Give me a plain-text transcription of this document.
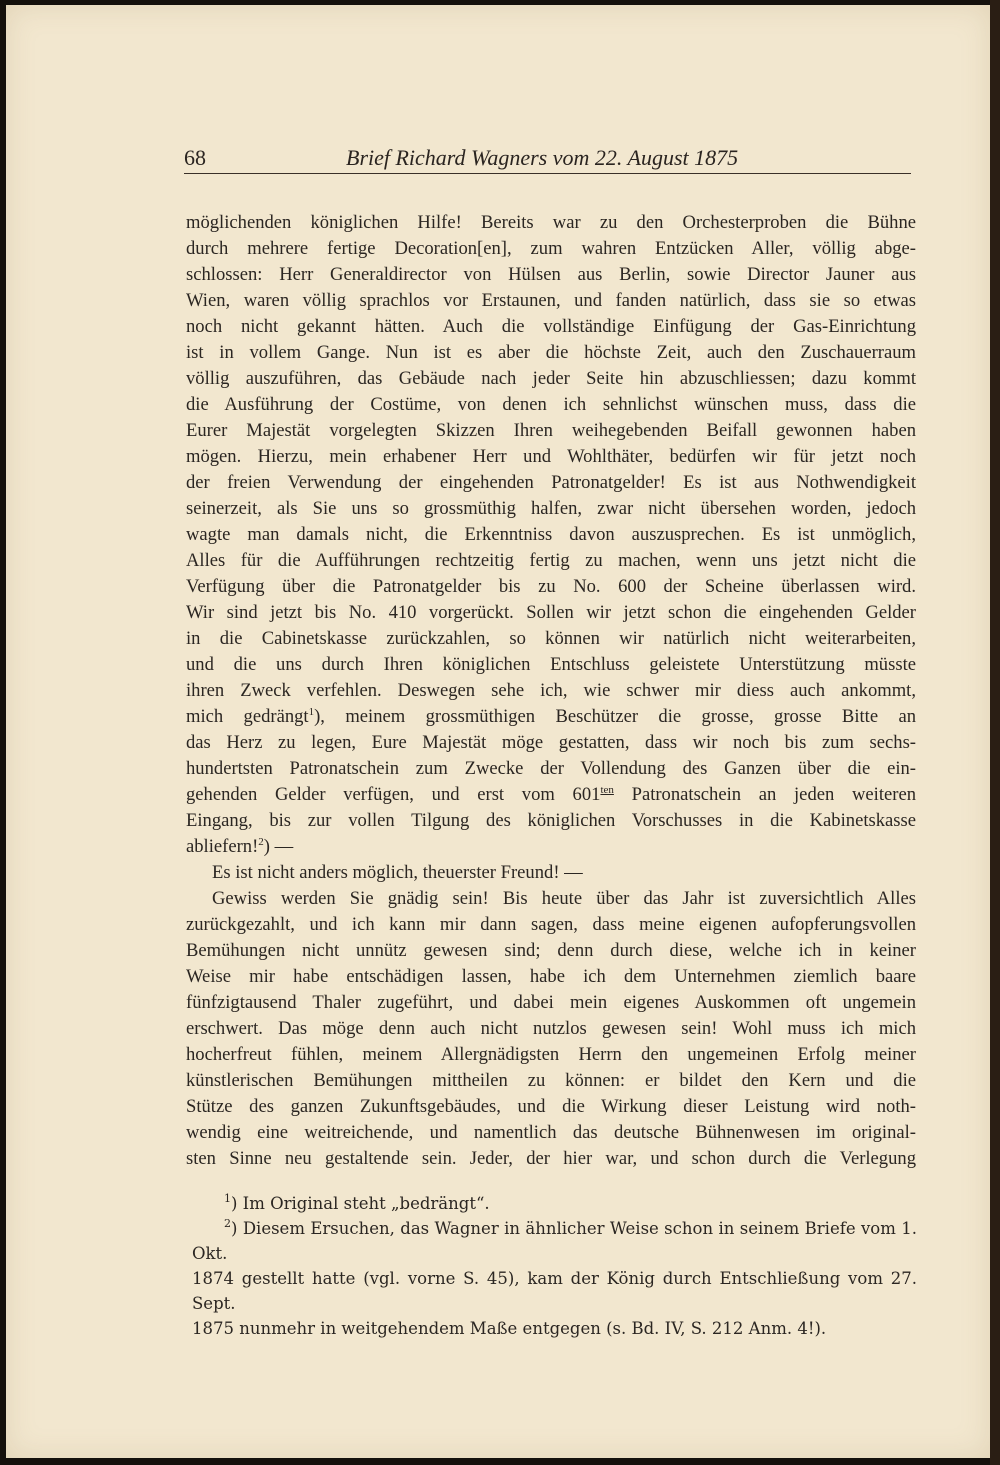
68	Brief Richard Wagners vom 22. August 1875

möglichenden königlichen Hilfe! Bereits war zu den Orchesterproben die Bühne

durch mehrere fertige Decoration[en], zum wahren Entzücken Aller, völlig abge-

schlossen: Herr Generaldirector von Hülsen aus Berlin, sowie Director Jauner aus

Wien, waren völlig sprachlos vor Erstaunen, und fanden natürlich, dass sie so etwas

noch nicht gekannt hätten. Auch die vollständige Einfügung der Gas-Einrichtung

ist in vollem Gange. Nun ist es aber die höchste Zeit, auch den Zuschauerraum

völlig auszuführen, das Gebäude nach jeder Seite hin abzuschliessen; dazu kommt

die Ausführung der Costüme, von denen ich sehnlichst wünschen muss, dass die

Eurer Majestät vorgelegten Skizzen Ihren weihegebenden Beifall gewonnen haben

mögen. Hierzu, mein erhabener Herr und Wohlthäter, bedürfen wir für jetzt noch

der freien Verwendung der eingehenden Patronatgelder! Es ist aus Nothwendigkeit

seinerzeit, als Sie uns so grossmüthig halfen, zwar nicht übersehen worden, jedoch

wagte man damals nicht, die Erkenntniss davon auszusprechen. Es ist unmöglich,

Alles für die Aufführungen rechtzeitig fertig zu machen, wenn uns jetzt nicht die

Verfügung über die Patronatgelder bis zu No. 600 der Scheine überlassen wird.

Wir sind jetzt bis No. 410 vorgerückt. Sollen wir jetzt schon die eingehenden Gelder

in die Cabinetskasse zurückzahlen, so können wir natürlich nicht weiterarbeiten,

und die uns durch Ihren königlichen Entschluss geleistete Unterstützung müsste

ihren Zweck verfehlen. Deswegen sehe ich, wie schwer mir diess auch ankommt,

mich gedrängt$^1$), meinem grossmüthigen Beschützer die grosse, grosse Bitte an

das Herz zu legen, Eure Majestät möge gestatten, dass wir noch bis zum sechs-

hundertsten Patronatschein zum Zwecke der Vollendung des Ganzen über die ein-

gehenden Gelder verfügen, und erst vom $601^{ten}$ Patronatschein an jeden weiteren

Eingang, bis zur vollen Tilgung des königlichen Vorschusses in die Kabinetskasse

abliefern!$^2$) —

Es ist nicht anders möglich, theuerster Freund! —

Gewiss werden Sie gnädig sein! Bis heute über das Jahr ist zuversichtlich Alles

zurückgezahlt, und ich kann mir dann sagen, dass meine eigenen aufopferungsvollen

Bemühungen nicht unnütz gewesen sind; denn durch diese, welche ich in keiner

Weise mir habe entschädigen lassen, habe ich dem Unternehmen ziemlich baare

fünfzigtausend Thaler zugeführt, und dabei mein eigenes Auskommen oft ungemein

erschwert. Das möge denn auch nicht nutzlos gewesen sein! Wohl muss ich mich

hocherfreut fühlen, meinem Allergnädigsten Herrn den ungemeinen Erfolg meiner

künstlerischen Bemühungen mittheilen zu können: er bildet den Kern und die

Stütze des ganzen Zukunftsgebäudes, und die Wirkung dieser Leistung wird noth-

wendig eine weitreichende, und namentlich das deutsche Bühnenwesen im original-

sten Sinne neu gestaltende sein. Jeder, der hier war, und schon durch die Verlegung

$^1$) Im Original steht „bedrängt“.

$^2$) Diesem Ersuchen, das Wagner in ähnlicher Weise schon in seinem Briefe vom 1. Okt.

1874 gestellt hatte (vgl. vorne S. 45), kam der König durch Entschließung vom 27. Sept.

1875 nunmehr in weitgehendem Maße entgegen (s. Bd. IV, S. 212 Anm. 4!).
